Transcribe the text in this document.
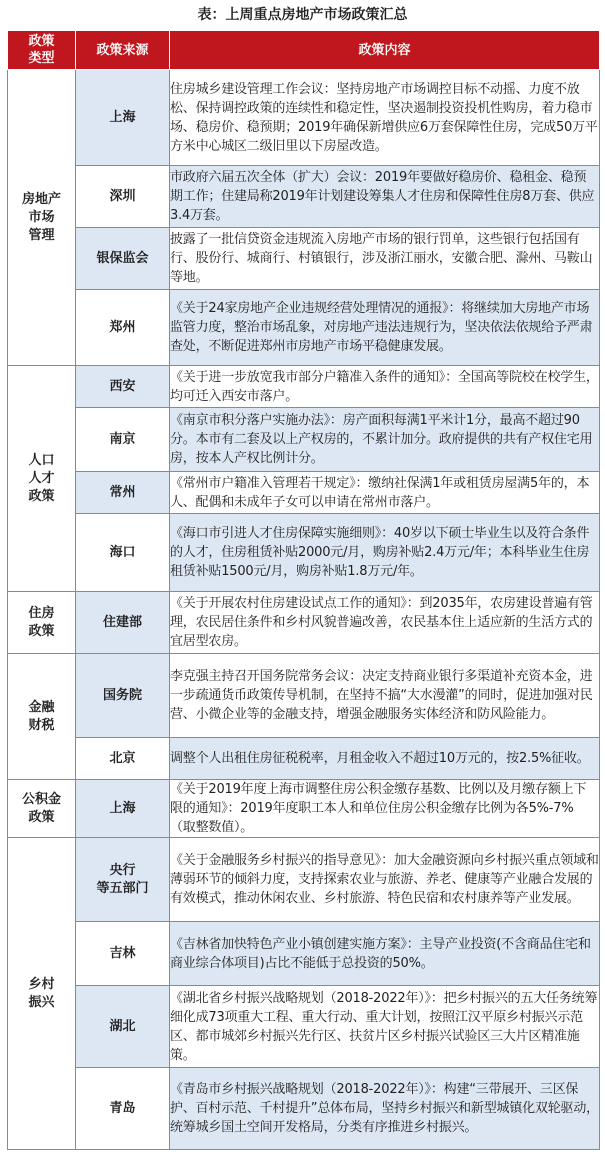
表：上周重点房地产市场政策汇总
政策
类型	政策来源	政策内容
房地产
市场
管理	上海	住房城乡建设管理工作会议：坚持房地产市场调控目标不动摇、力度不放松、保持调控政策的连续性和稳定性，坚决遏制投资投机性购房，着力稳市场、稳房价、稳预期；2019年确保新增供应6万套保障性住房，完成50万平方米中心城区二级旧里以下房屋改造。
	深圳	市政府六届五次全体（扩大）会议：2019年要做好稳房价、稳租金、稳预期工作；住建局称2019年计划建设筹集人才住房和保障性住房8万套、供应3.4万套。
	银保监会	披露了一批信贷资金违规流入房地产市场的银行罚单，这些银行包括国有行、股份行、城商行、村镇银行，涉及浙江丽水，安徽合肥、滁州、马鞍山等地。
	郑州	《关于24家房地产企业违规经营处理情况的通报》：将继续加大房地产市场监管力度，整治市场乱象，对房地产违法违规行为，坚决依法依规给予严肃查处，不断促进郑州市房地产市场平稳健康发展。
人口
人才
政策	西安	《关于进一步放宽我市部分户籍准入条件的通知》：全国高等院校在校学生，均可迁入西安市落户。
	南京	《南京市积分落户实施办法》：房产面积每满1平米计1分，最高不超过90分。本市有二套及以上产权房的，不累计加分。政府提供的共有产权住宅用房，按本人产权比例计分。
	常州	《常州市户籍准入管理若干规定》：缴纳社保满1年或租赁房屋满5年的，本人、配偶和未成年子女可以申请在常州市落户。
	海口	《海口市引进人才住房保障实施细则》：40岁以下硕士毕业生以及符合条件的人才，住房租赁补贴2000元/月，购房补贴2.4万元/年；本科毕业生住房租赁补贴1500元/月，购房补贴1.8万元/年。
住房
政策	住建部	《关于开展农村住房建设试点工作的通知》：到2035年，农房建设普遍有管理，农民居住条件和乡村风貌普遍改善，农民基本住上适应新的生活方式的宜居型农房。
金融
财税	国务院	李克强主持召开国务院常务会议：决定支持商业银行多渠道补充资本金，进一步疏通货币政策传导机制，在坚持不搞“大水漫灌”的同时，促进加强对民营、小微企业等的金融支持，增强金融服务实体经济和防风险能力。
	北京	调整个人出租住房征税税率，月租金收入不超过10万元的，按2.5%征收。
公积金
政策	上海	《关于2019年度上海市调整住房公积金缴存基数、比例以及月缴存额上下限的通知》：2019年度职工本人和单位住房公积金缴存比例为各5%-7%（取整数值）。
乡村
振兴	央行
等五部门	《关于金融服务乡村振兴的指导意见》：加大金融资源向乡村振兴重点领域和薄弱环节的倾斜力度，支持探索农业与旅游、养老、健康等产业融合发展的有效模式，推动休闲农业、乡村旅游、特色民宿和农村康养等产业发展。
	吉林	《吉林省加快特色产业小镇创建实施方案》：主导产业投资(不含商品住宅和商业综合体项目)占比不能低于总投资的50%。
	湖北	《湖北省乡村振兴战略规划（2018-2022年）》：把乡村振兴的五大任务统筹细化成73项重大工程、重大行动、重大计划，按照江汉平原乡村振兴示范区、都市城郊乡村振兴先行区、扶贫片区乡村振兴试验区三大片区精准施策。
	青岛	《青岛市乡村振兴战略规划（2018-2022年）》：构建“三带展开、三区保护、百村示范、千村提升”总体布局，坚持乡村振兴和新型城镇化双轮驱动，统筹城乡国土空间开发格局，分类有序推进乡村振兴。
